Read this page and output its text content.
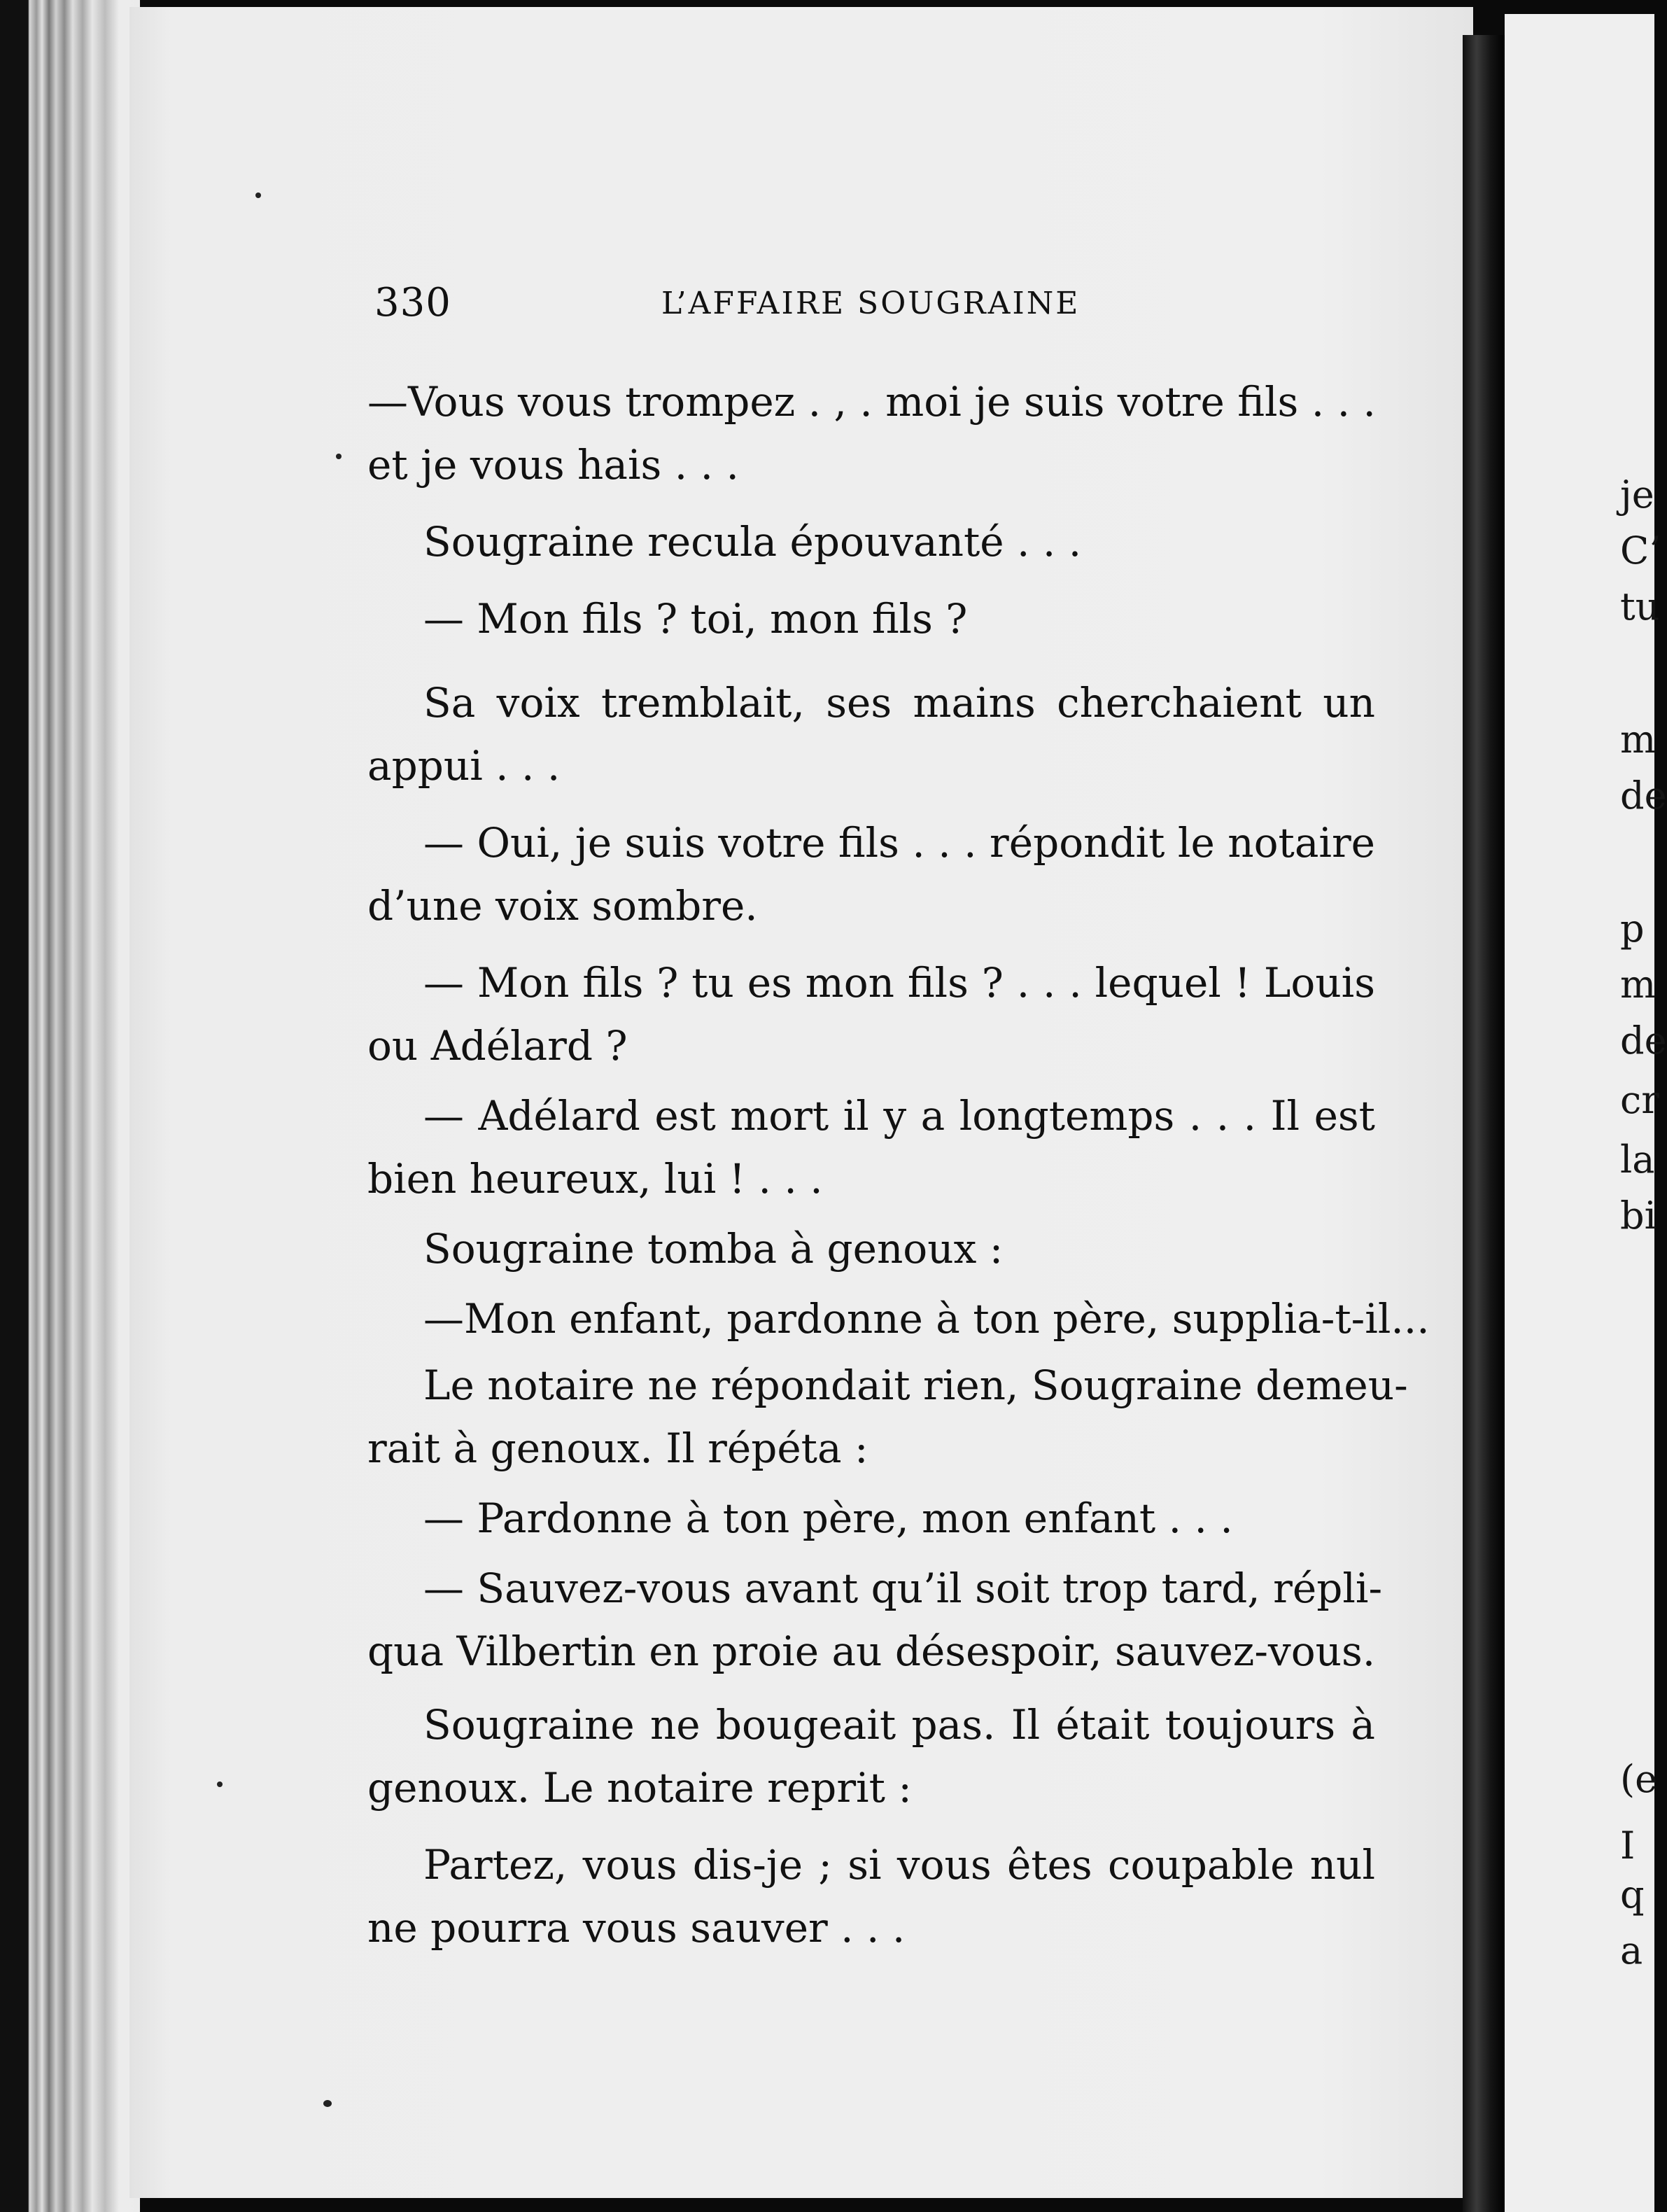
je
C’
tu
m
de
p
m
de
cr
la
bi
(e
I
q
a
330	L’AFFAIRE SOUGRAINE
—Vous vous trompez . , . moi je suis votre fils . . .
et je vous hais . . .
Sougraine recula épouvanté . . .
— Mon fils ? toi, mon fils ?
Sa voix tremblait, ses mains cherchaient un
appui . . .
— Oui, je suis votre fils . . . répondit le notaire
d’une voix sombre.
— Mon fils ? tu es mon fils ? . . . lequel ! Louis
ou Adélard ?
— Adélard est mort il y a longtemps . . . Il est
bien heureux, lui ! . . .
Sougraine tomba à genoux :
—Mon enfant, pardonne à ton père, supplia-t-il...
Le notaire ne répondait rien, Sougraine demeu-
rait à genoux. Il répéta :
— Pardonne à ton père, mon enfant . . .
— Sauvez-vous avant qu’il soit trop tard, répli-
qua Vilbertin en proie au désespoir, sauvez-vous.
Sougraine ne bougeait pas. Il était toujours à
genoux. Le notaire reprit :
Partez, vous dis-je ; si vous êtes coupable nul
ne pourra vous sauver . . .
